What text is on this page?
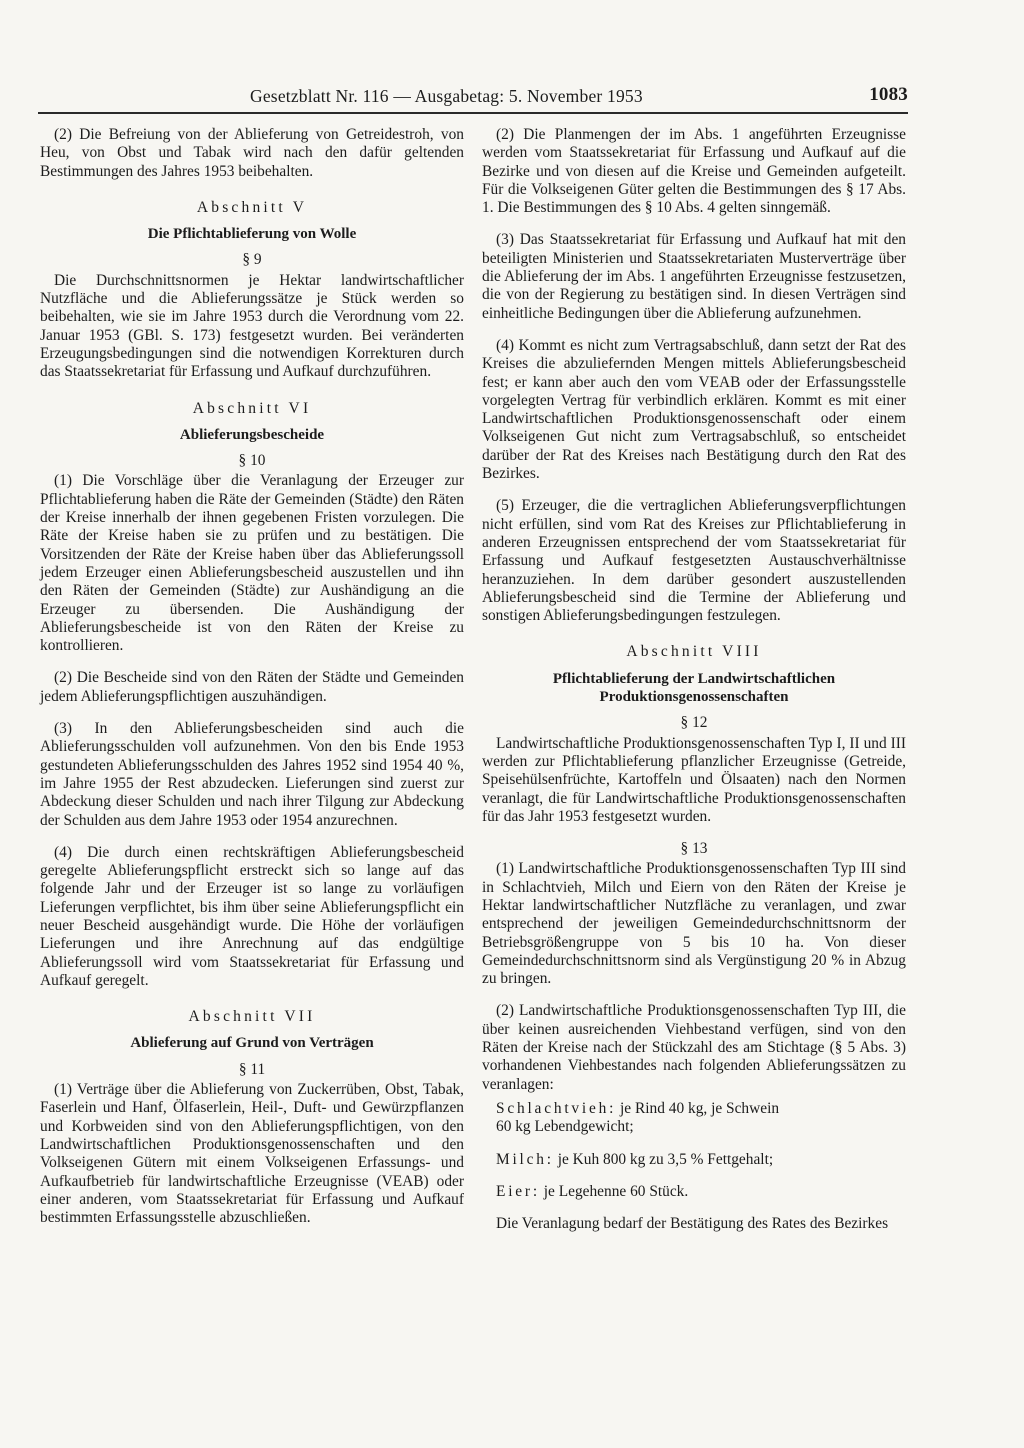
Gesetzblatt Nr. 116 — Ausgabetag: 5. November 1953	1083

(2) Die Befreiung von der Ablieferung von Getreidestroh, von Heu, von Obst und Tabak wird nach den dafür geltenden Bestimmungen des Jahres 1953 beibehalten.

Abschnitt V
Die Pflichtablieferung von Wolle
§ 9

Die Durchschnittsnormen je Hektar landwirtschaftlicher Nutzfläche und die Ablieferungssätze je Stück werden so beibehalten, wie sie im Jahre 1953 durch die Verordnung vom 22. Januar 1953 (GBl. S. 173) festgesetzt wurden. Bei veränderten Erzeugungsbedingungen sind die notwendigen Korrekturen durch das Staatssekretariat für Erfassung und Aufkauf durchzuführen.

Abschnitt VI
Ablieferungsbescheide
§ 10

(1) Die Vorschläge über die Veranlagung der Erzeuger zur Pflichtablieferung haben die Räte der Gemeinden (Städte) den Räten der Kreise innerhalb der ihnen gegebenen Fristen vorzulegen. Die Räte der Kreise haben sie zu prüfen und zu bestätigen. Die Vorsitzenden der Räte der Kreise haben über das Ablieferungssoll jedem Erzeuger einen Ablieferungsbescheid auszustellen und ihn den Räten der Gemeinden (Städte) zur Aushändigung an die Erzeuger zu übersenden. Die Aushändigung der Ablieferungsbescheide ist von den Räten der Kreise zu kontrollieren.

(2) Die Bescheide sind von den Räten der Städte und Gemeinden jedem Ablieferungspflichtigen auszuhändigen.

(3) In den Ablieferungsbescheiden sind auch die Ablieferungsschulden voll aufzunehmen. Von den bis Ende 1953 gestundeten Ablieferungsschulden des Jahres 1952 sind 1954 40 %, im Jahre 1955 der Rest abzudecken. Lieferungen sind zuerst zur Abdeckung dieser Schulden und nach ihrer Tilgung zur Abdeckung der Schulden aus dem Jahre 1953 oder 1954 anzurechnen.

(4) Die durch einen rechtskräftigen Ablieferungsbescheid geregelte Ablieferungspflicht erstreckt sich so lange auf das folgende Jahr und der Erzeuger ist so lange zu vorläufigen Lieferungen verpflichtet, bis ihm über seine Ablieferungspflicht ein neuer Bescheid ausgehändigt wurde. Die Höhe der vorläufigen Lieferungen und ihre Anrechnung auf das endgültige Ablieferungssoll wird vom Staatssekretariat für Erfassung und Aufkauf geregelt.

Abschnitt VII
Ablieferung auf Grund von Verträgen
§ 11

(1) Verträge über die Ablieferung von Zuckerrüben, Obst, Tabak, Faserlein und Hanf, Ölfaserlein, Heil-, Duft- und Gewürzpflanzen und Korbweiden sind von den Ablieferungspflichtigen, von den Landwirtschaftlichen Produktionsgenossenschaften und den Volkseigenen Gütern mit einem Volkseigenen Erfassungs- und Aufkaufbetrieb für landwirtschaftliche Erzeugnisse (VEAB) oder einer anderen, vom Staatssekretariat für Erfassung und Aufkauf bestimmten Erfassungsstelle abzuschließen.

(2) Die Planmengen der im Abs. 1 angeführten Erzeugnisse werden vom Staatssekretariat für Erfassung und Aufkauf auf die Bezirke und von diesen auf die Kreise und Gemeinden aufgeteilt. Für die Volkseigenen Güter gelten die Bestimmungen des § 17 Abs. 1. Die Bestimmungen des § 10 Abs. 4 gelten sinngemäß.

(3) Das Staatssekretariat für Erfassung und Aufkauf hat mit den beteiligten Ministerien und Staatssekretariaten Musterverträge über die Ablieferung der im Abs. 1 angeführten Erzeugnisse festzusetzen, die von der Regierung zu bestätigen sind. In diesen Verträgen sind einheitliche Bedingungen über die Ablieferung aufzunehmen.

(4) Kommt es nicht zum Vertragsabschluß, dann setzt der Rat des Kreises die abzuliefernden Mengen mittels Ablieferungsbescheid fest; er kann aber auch den vom VEAB oder der Erfassungsstelle vorgelegten Vertrag für verbindlich erklären. Kommt es mit einer Landwirtschaftlichen Produktionsgenossenschaft oder einem Volkseigenen Gut nicht zum Vertragsabschluß, so entscheidet darüber der Rat des Kreises nach Bestätigung durch den Rat des Bezirkes.

(5) Erzeuger, die die vertraglichen Ablieferungsverpflichtungen nicht erfüllen, sind vom Rat des Kreises zur Pflichtablieferung in anderen Erzeugnissen entsprechend der vom Staatssekretariat für Erfassung und Aufkauf festgesetzten Austauschverhältnisse heranzuziehen. In dem darüber gesondert auszustellenden Ablieferungsbescheid sind die Termine der Ablieferung und sonstigen Ablieferungsbedingungen festzulegen.

Abschnitt VIII
Pflichtablieferung der Landwirtschaftlichen
Produktionsgenossenschaften
§ 12

Landwirtschaftliche Produktionsgenossenschaften Typ I, II und III werden zur Pflichtablieferung pflanzlicher Erzeugnisse (Getreide, Speisehülsenfrüchte, Kartoffeln und Ölsaaten) nach den Normen veranlagt, die für Landwirtschaftliche Produktionsgenossenschaften für das Jahr 1953 festgesetzt wurden.

§ 13

(1) Landwirtschaftliche Produktionsgenossenschaften Typ III sind in Schlachtvieh, Milch und Eiern von den Räten der Kreise je Hektar landwirtschaftlicher Nutzfläche zu veranlagen, und zwar entsprechend der jeweiligen Gemeindedurchschnittsnorm der Betriebsgrößengruppe von 5 bis 10 ha. Von dieser Gemeindedurchschnittsnorm sind als Vergünstigung 20 % in Abzug zu bringen.

(2) Landwirtschaftliche Produktionsgenossenschaften Typ III, die über keinen ausreichenden Viehbestand verfügen, sind von den Räten der Kreise nach der Stückzahl des am Stichtage (§ 5 Abs. 3) vorhandenen Viehbestandes nach folgenden Ablieferungssätzen zu veranlagen:

Schlachtvieh: je Rind 40 kg, je Schwein
60 kg Lebendgewicht;

Milch: je Kuh 800 kg zu 3,5 % Fettgehalt;

Eier: je Legehenne 60 Stück.

Die Veranlagung bedarf der Bestätigung des Rates des Bezirkes
